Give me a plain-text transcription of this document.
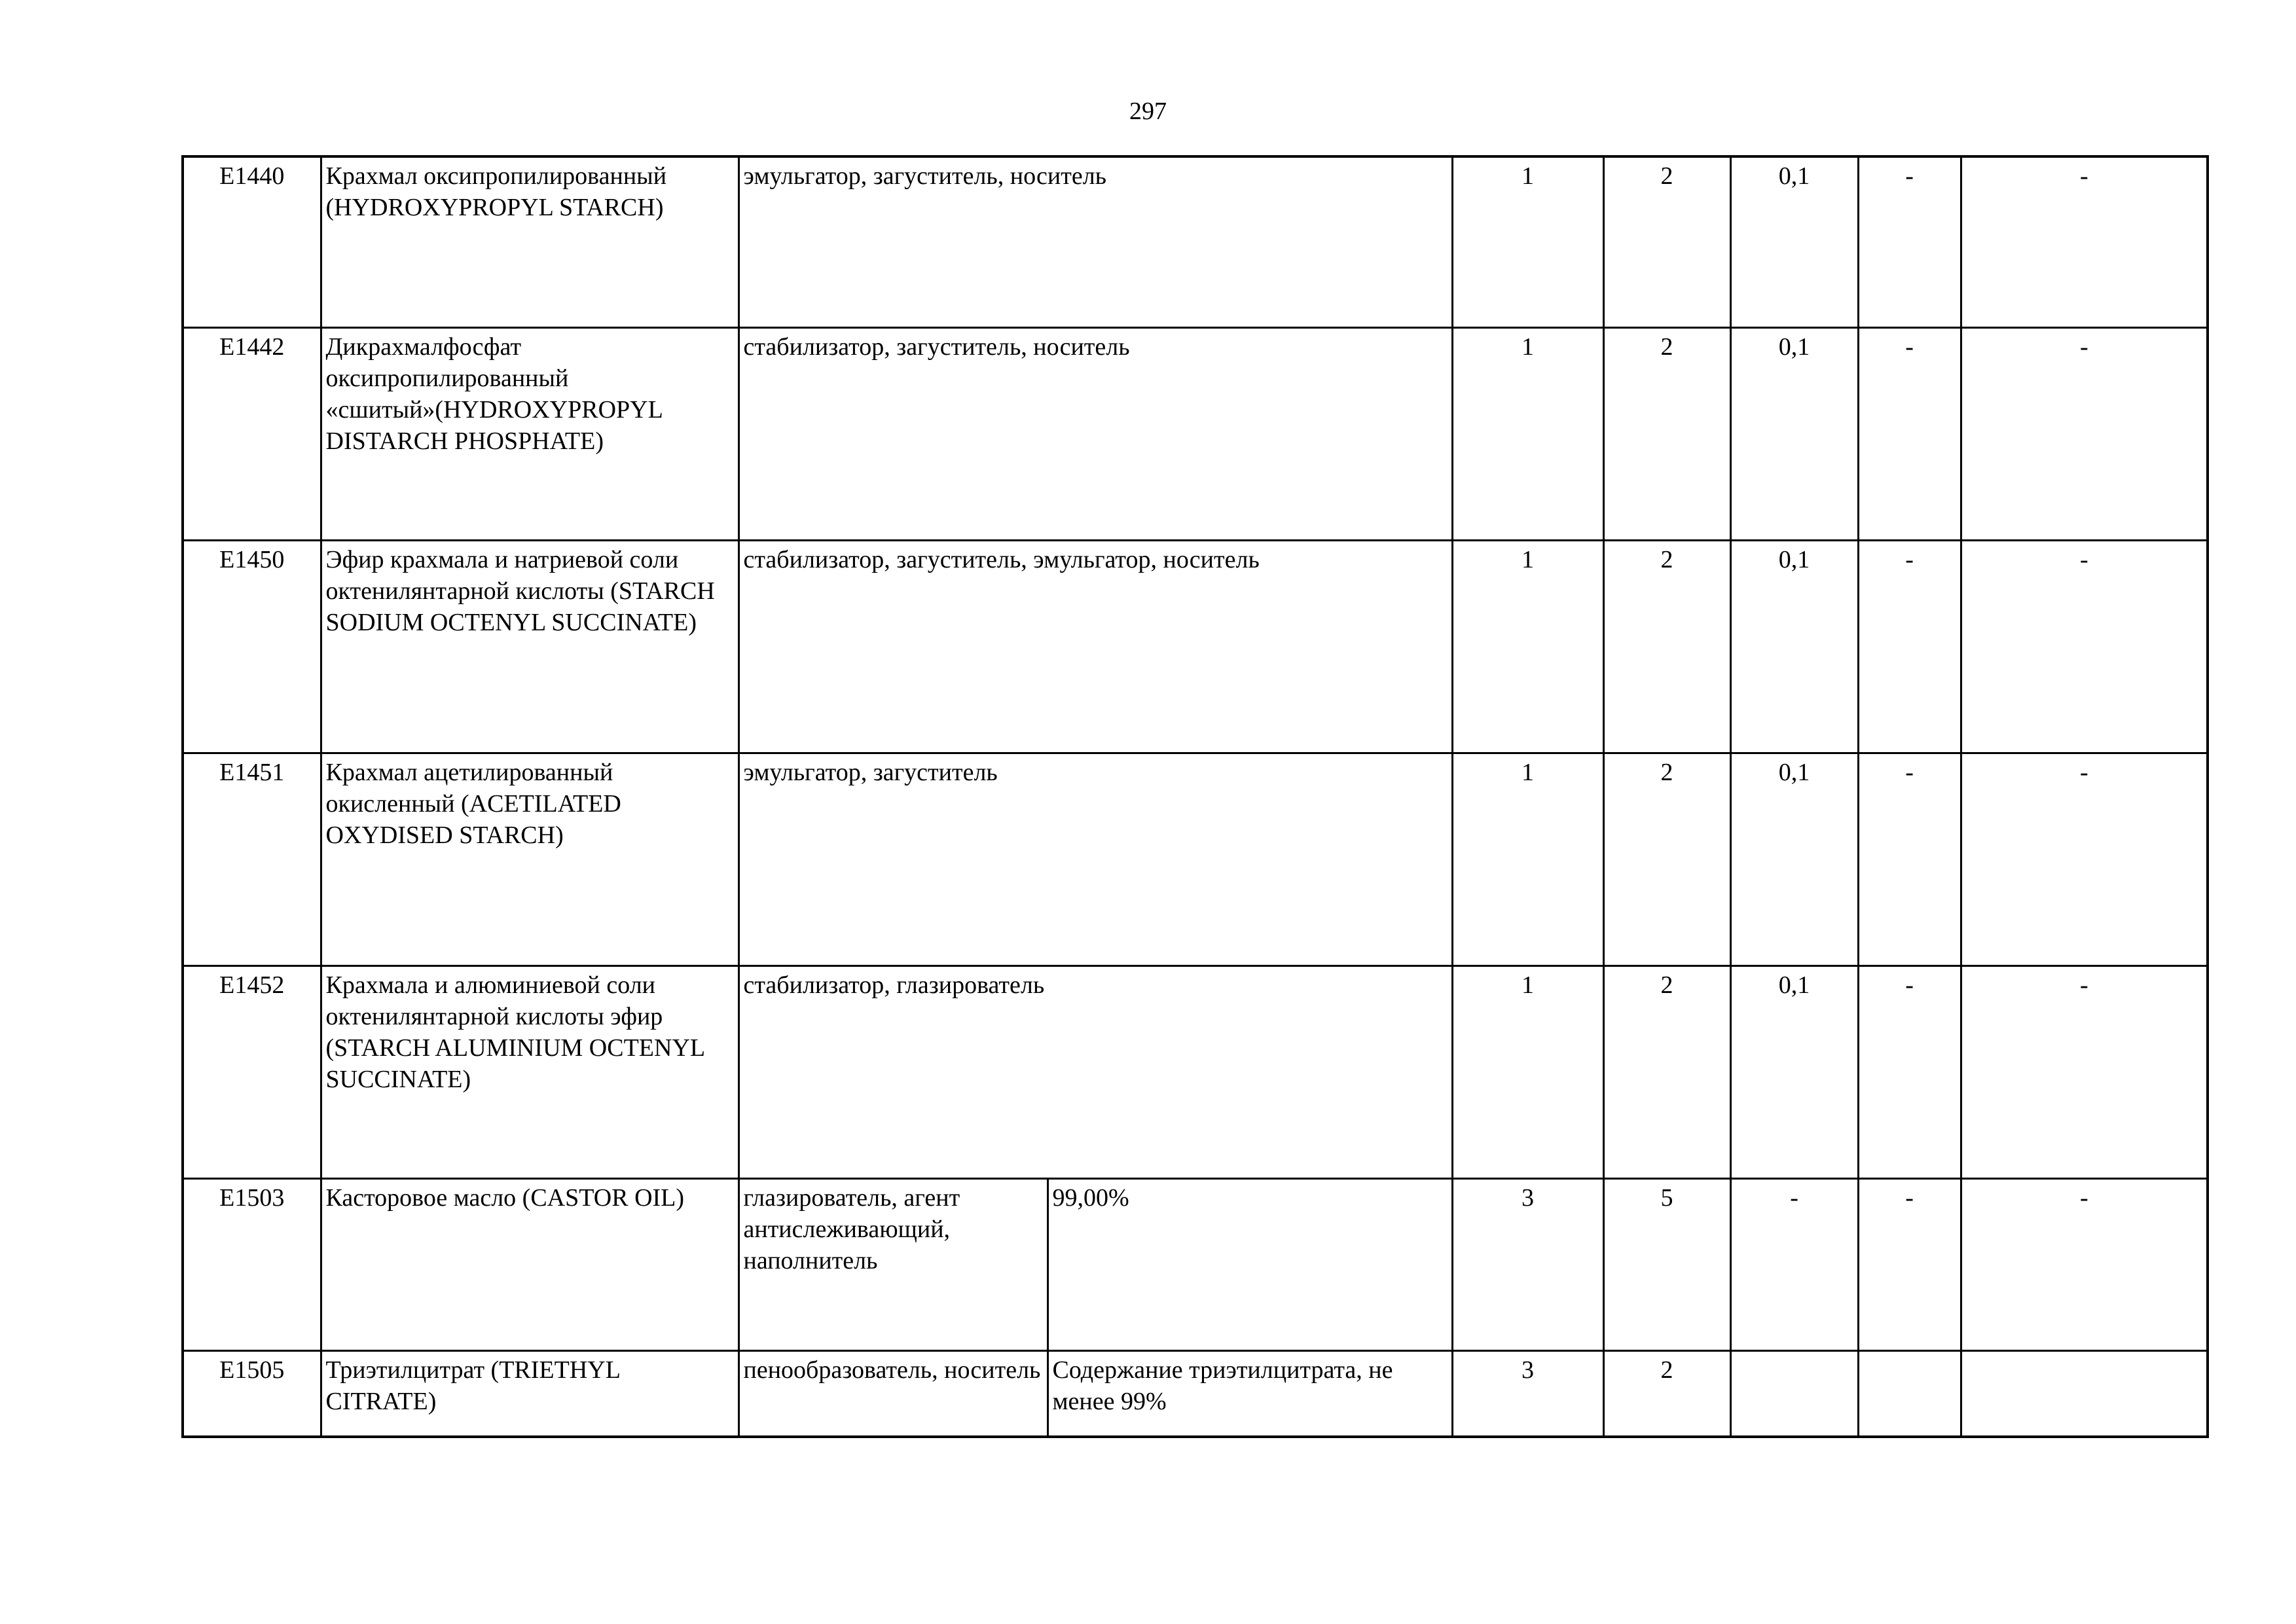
297
E1440	Крахмал оксипропилированный (HYDROXYPROPYL STARCH)	эмульгатор, загуститель, носитель		1	2	0,1	-	-
E1442	Дикрахмалфосфат оксипропилированный «сшитый»(HYDROXYPROPYL DISTARCH PHOSPHATE)	стабилизатор, загуститель, носитель		1	2	0,1	-	-
E1450	Эфир крахмала и натриевой соли октенилянтарной кислоты (STARCH SODIUM OCTENYL SUCCINATE)	стабилизатор, загуститель, эмульгатор, носитель		1	2	0,1	-	-
E1451	Крахмал ацетилированный окисленный (ACETILATED OXYDISED STARCH)	эмульгатор, загуститель		1	2	0,1	-	-
E1452	Крахмала и алюминиевой соли октенилянтарной кислоты эфир (STARCH ALUMINIUM OCTENYL SUCCINATE)	стабилизатор, глазирователь		1	2	0,1	-	-
E1503	Касторовое масло (CASTOR OIL)	глазирователь, агент антислеживающий, наполнитель	99,00%	3	5	-	-	-
E1505	Триэтилцитрат (TRIETHYL CITRATE)	пенообразователь, носитель	Содержание триэтилцитрата, не менее 99%	3	2			
